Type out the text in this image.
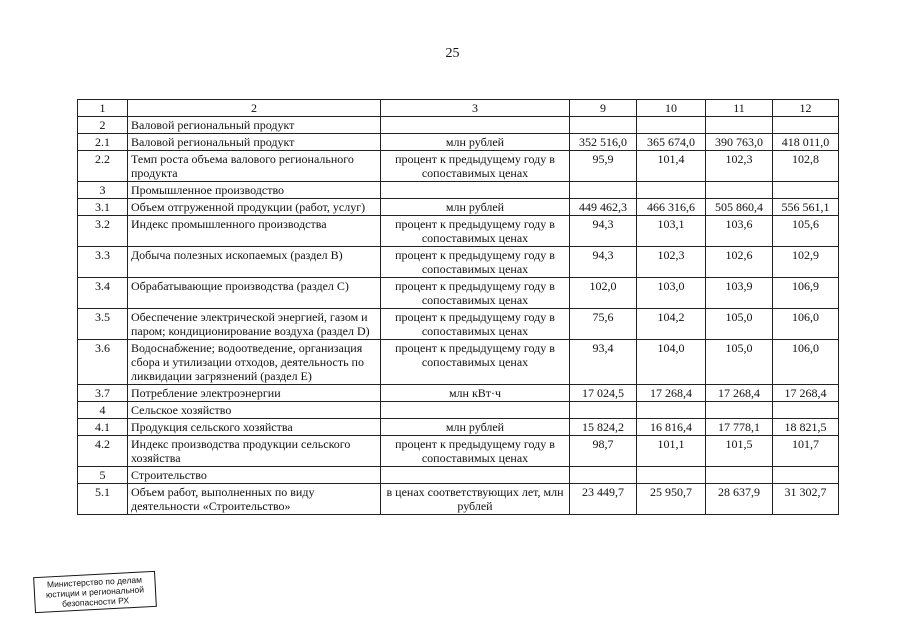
25
1	2	3	9	10	11	12
2	Валовой региональный продукт					
2.1	Валовой региональный продукт	млн рублей	352 516,0	365 674,0	390 763,0	418 011,0
2.2	Темп роста объема валового регионального продукта	процент к предыдущему году в сопоставимых ценах	95,9	101,4	102,3	102,8
3	Промышленное производство					
3.1	Объем отгруженной продукции (работ, услуг)	млн рублей	449 462,3	466 316,6	505 860,4	556 561,1
3.2	Индекс промышленного производства	процент к предыдущему году в сопоставимых ценах	94,3	103,1	103,6	105,6
3.3	Добыча полезных ископаемых (раздел B)	процент к предыдущему году в сопоставимых ценах	94,3	102,3	102,6	102,9
3.4	Обрабатывающие производства (раздел C)	процент к предыдущему году в сопоставимых ценах	102,0	103,0	103,9	106,9
3.5	Обеспечение электрической энергией, газом и паром; кондиционирование воздуха (раздел D)	процент к предыдущему году в сопоставимых ценах	75,6	104,2	105,0	106,0
3.6	Водоснабжение; водоотведение, организация сбора и утилизации отходов, деятельность по ликвидации загрязнений (раздел E)	процент к предыдущему году в сопоставимых ценах	93,4	104,0	105,0	106,0
3.7	Потребление электроэнергии	млн кВт·ч	17 024,5	17 268,4	17 268,4	17 268,4
4	Сельское хозяйство					
4.1	Продукция сельского хозяйства	млн рублей	15 824,2	16 816,4	17 778,1	18 821,5
4.2	Индекс производства продукции сельского хозяйства	процент к предыдущему году в сопоставимых ценах	98,7	101,1	101,5	101,7
5	Строительство					
5.1	Объем работ, выполненных по виду деятельности «Строительство»	в ценах соответствующих лет, млн рублей	23 449,7	25 950,7	28 637,9	31 302,7
Министерство по делам юстиции и региональной безопасности РХ
